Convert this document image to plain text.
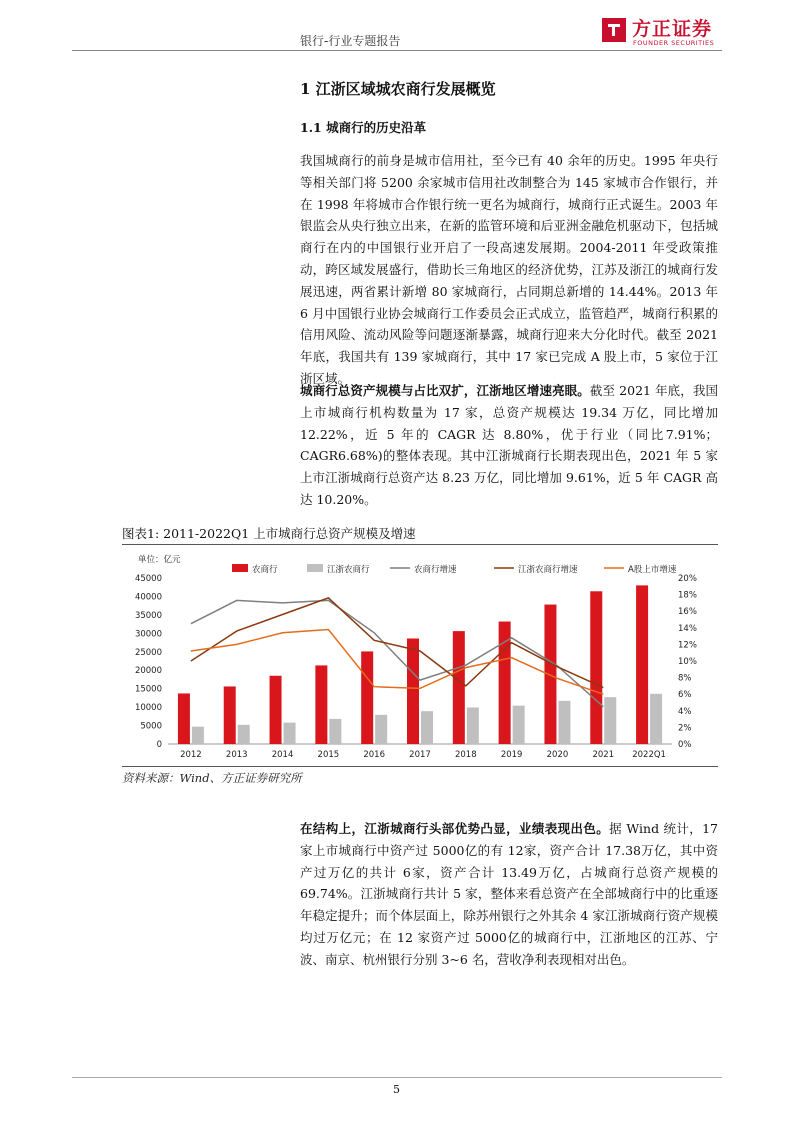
银行-行业专题报告
方正证券
FOUNDER SECURITIES
1 江浙区域城农商行发展概览
1.1 城商行的历史沿革
我国城商行的前身是城市信用社，至今已有 40 余年的历史。1995 年央行等相关部门将 5200 余家城市信用社改制整合为 145 家城市合作银行，并在 1998 年将城市合作银行统一更名为城商行，城商行正式诞生。2003 年银监会从央行独立出来，在新的监管环境和后亚洲金融危机驱动下，包括城商行在内的中国银行业开启了一段高速发展期。2004-2011 年受政策推动，跨区域发展盛行，借助长三角地区的经济优势，江苏及浙江的城商行发展迅速，两省累计新增 80 家城商行，占同期总新增的 14.44%。2013 年 6 月中国银行业协会城商行工作委员会正式成立，监管趋严，城商行积累的信用风险、流动风险等问题逐渐暴露，城商行迎来大分化时代。截至 2021 年底，我国共有 139 家城商行，其中 17 家已完成 A 股上市，5 家位于江浙区域。
城商行总资产规模与占比双扩，江浙地区增速亮眼。截至 2021 年底，我国上市城商行机构数量为 17 家，总资产规模达 19.34 万亿，同比增加 12.22%，近 5 年的 CAGR 达 8.80%，优于行业（同比7.91%；CAGR6.68%)的整体表现。其中江浙城商行长期表现出色，2021 年 5 家上市江浙城商行总资产达 8.23 万亿，同比增加 9.61%，近 5 年 CAGR 高达 10.20%。
图表1: 2011-2022Q1 上市城商行总资产规模及增速
单位：亿元
0
5000
10000
15000
20000
25000
30000
35000
40000
45000
0%
2%
4%
6%
8%
10%
12%
14%
16%
18%
20%
2012	2013	2014	2015	2016	2017	2018	2019	2020	2021 2022Q1
农商行	江浙农商行	农商行增速	江浙农商行增速	A股上市增速
资料来源：Wind、方正证券研究所
在结构上，江浙城商行头部优势凸显，业绩表现出色。据 Wind 统计，17 家上市城商行中资产过 5000亿的有 12家，资产合计 17.38万亿，其中资产过万亿的共计 6家，资产合计 13.49万亿，占城商行总资产规模的 69.74%。江浙城商行共计 5 家，整体来看总资产在全部城商行中的比重逐年稳定提升；而个体层面上，除苏州银行之外其余 4 家江浙城商行资产规模均过万亿元；在 12 家资产过 5000亿的城商行中，江浙地区的江苏、宁波、南京、杭州银行分别 3~6 名，营收净利表现相对出色。
5
